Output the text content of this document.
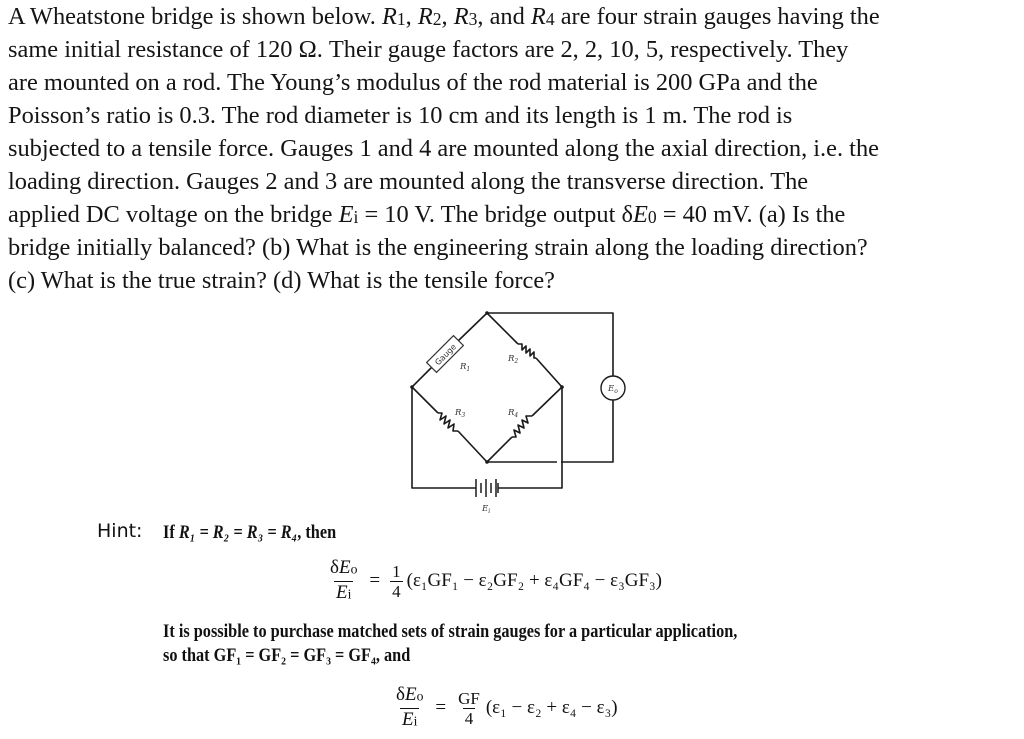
A Wheatstone bridge is shown below. R1, R2, R3, and R4 are four strain gauges having the
same initial resistance of 120 Ω. Their gauge factors are 2, 2, 10, 5, respectively. They
are mounted on a rod. The Young’s modulus of the rod material is 200 GPa and the
Poisson’s ratio is 0.3. The rod diameter is 10 cm and its length is 1 m. The rod is
subjected to a tensile force. Gauges 1 and 4 are mounted along the axial direction, i.e. the
loading direction. Gauges 2 and 3 are mounted along the transverse direction. The
applied DC voltage on the bridge Ei = 10 V. The bridge output δE0 = 40 mV. (a) Is the
bridge initially balanced? (b) What is the engineering strain along the loading direction?
(c) What is the true strain? (d) What is the tensile force?
Gauge
$E_o$
$R_1$
$R_2$
$R_3$	$R_4$
$E_i$
Hint: If R₁ = R₂ = R₃ = R₄, then
$\frac{\text{δEo}}{Ei} = \frac{1}{4} (\varepsilon_1GF_1 - \varepsilon_2GF_2 + \varepsilon_4GF_4 - \varepsilon_3GF_3)$
It is possible to purchase matched sets of strain gauges for a particular application,
so that GF₁ = GF₂ = GF₃ = GF₄, and
$\frac{\text{δEo}}{Ei} = \frac{GF}{4} (\varepsilon_1 - \varepsilon_2 + \varepsilon_4 - \varepsilon_3)$
